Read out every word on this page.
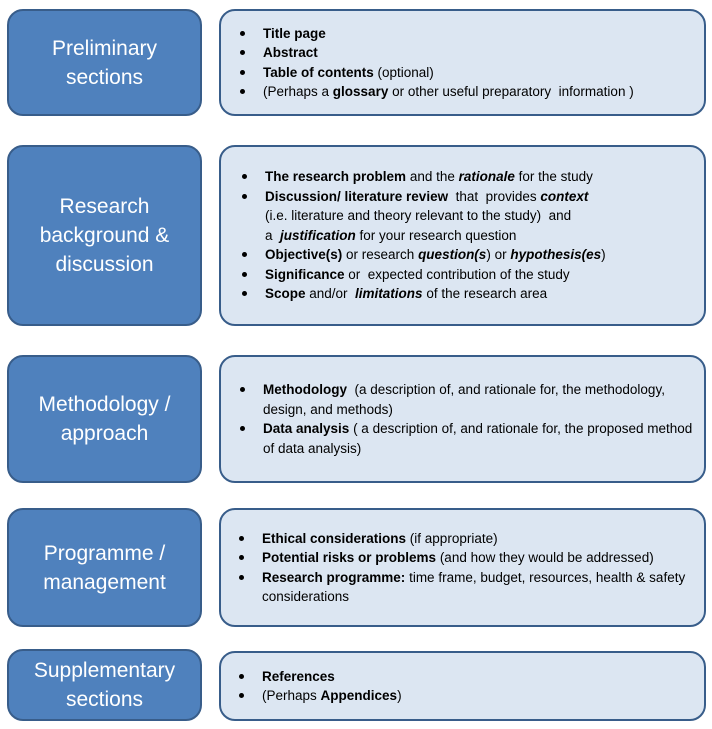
Preliminary
sections
Title page
Abstract
Table of contents (optional)
(Perhaps a glossary or other useful preparatory  information )
Research
background &
discussion
The research problem and the rationale for the study
Discussion/ literature review  that  provides context
(i.e. literature and theory relevant to the study)  and
a  justification for your research question
Objective(s) or research question(s) or hypothesis(es)
Significance or  expected contribution of the study
Scope and/or  limitations of the research area
Methodology /
approach
Methodology  (a description of, and rationale for, the methodology, design, and methods)
Data analysis ( a description of, and rationale for, the proposed method of data analysis)
Programme /
management
Ethical considerations (if appropriate)
Potential risks or problems (and how they would be addressed)
Research programme: time frame, budget, resources, health & safety considerations
Supplementary
sections
References
(Perhaps Appendices)
